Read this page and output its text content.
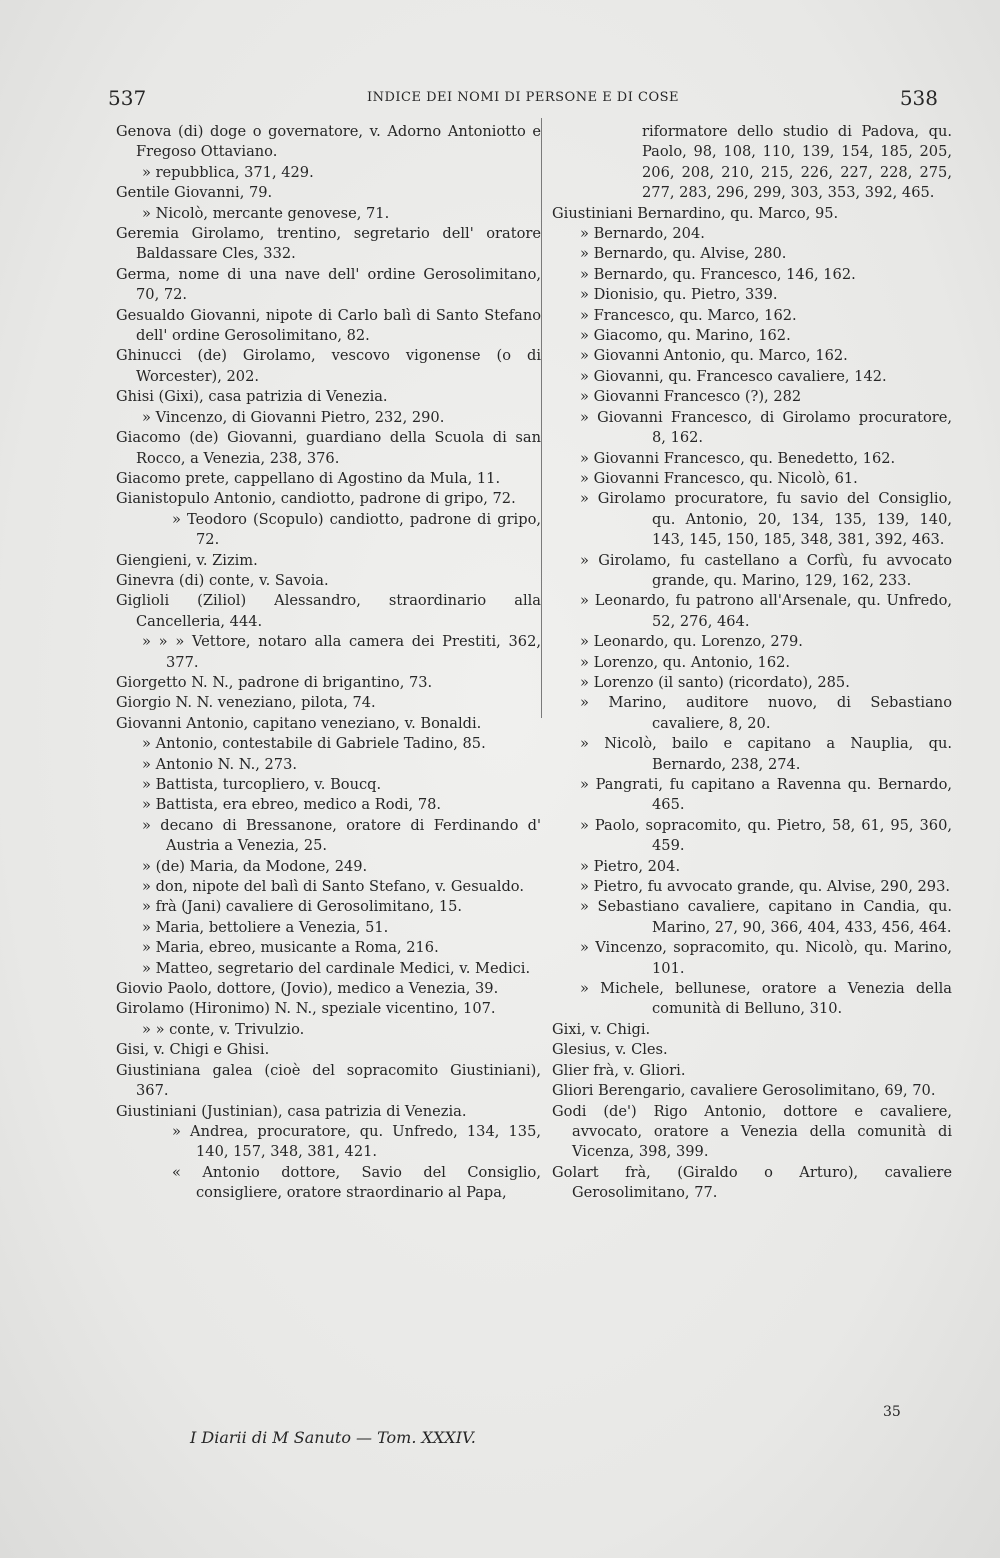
537	INDICE DEI NOMI DI PERSONE E DI COSE	538
Genova (di) doge o governatore, v. Adorno Antoniotto e Fregoso Ottaviano.
» repubblica, 371, 429.
Gentile Giovanni, 79.
» Nicolò, mercante genovese, 71.
Geremia Girolamo, trentino, segretario dell' oratore Baldassare Cles, 332.
Germa, nome di una nave dell' ordine Gerosolimitano, 70, 72.
Gesualdo Giovanni, nipote di Carlo balì di Santo Stefano dell' ordine Gerosolimitano, 82.
Ghinucci (de) Girolamo, vescovo vigonense (o di Worcester), 202.
Ghisi (Gixi), casa patrizia di Venezia.
» Vincenzo, di Giovanni Pietro, 232, 290.
Giacomo (de) Giovanni, guardiano della Scuola di san Rocco, a Venezia, 238, 376.
Giacomo prete, cappellano di Agostino da Mula, 11.
Gianistopulo Antonio, candiotto, padrone di gripo, 72.
» Teodoro (Scopulo) candiotto, padrone di gripo, 72.
Giengieni, v. Zizim.
Ginevra (di) conte, v. Savoia.
Giglioli (Ziliol) Alessandro, straordinario alla Cancelleria, 444.
» » » Vettore, notaro alla camera dei Prestiti, 362, 377.
Giorgetto N. N., padrone di brigantino, 73.
Giorgio N. N. veneziano, pilota, 74.
Giovanni Antonio, capitano veneziano, v. Bonaldi.
» Antonio, contestabile di Gabriele Tadino, 85.
» Antonio N. N., 273.
» Battista, turcopliero, v. Boucq.
» Battista, era ebreo, medico a Rodi, 78.
» decano di Bressanone, oratore di Ferdinando d' Austria a Venezia, 25.
» (de) Maria, da Modone, 249.
» don, nipote del balì di Santo Stefano, v. Gesualdo.
» frà (Jani) cavaliere di Gerosolimitano, 15.
» Maria, bettoliere a Venezia, 51.
» Maria, ebreo, musicante a Roma, 216.
» Matteo, segretario del cardinale Medici, v. Medici.
Giovio Paolo, dottore, (Jovio), medico a Venezia, 39.
Girolamo (Hironimo) N. N., speziale vicentino, 107.
» » conte, v. Trivulzio.
Gisi, v. Chigi e Ghisi.
Giustiniana galea (cioè del sopracomito Giustiniani), 367.
Giustiniani (Justinian), casa patrizia di Venezia.
» Andrea, procuratore, qu. Unfredo, 134, 135, 140, 157, 348, 381, 421.
« Antonio dottore, Savio del Consiglio, consigliere, oratore straordinario al Papa,
riformatore dello studio di Padova, qu. Paolo, 98, 108, 110, 139, 154, 185, 205, 206, 208, 210, 215, 226, 227, 228, 275, 277, 283, 296, 299, 303, 353, 392, 465.
Giustiniani Bernardino, qu. Marco, 95.
» Bernardo, 204.
» Bernardo, qu. Alvise, 280.
» Bernardo, qu. Francesco, 146, 162.
» Dionisio, qu. Pietro, 339.
» Francesco, qu. Marco, 162.
» Giacomo, qu. Marino, 162.
» Giovanni Antonio, qu. Marco, 162.
» Giovanni, qu. Francesco cavaliere, 142.
» Giovanni Francesco (?), 282
» Giovanni Francesco, di Girolamo procuratore, 8, 162.
» Giovanni Francesco, qu. Benedetto, 162.
» Giovanni Francesco, qu. Nicolò, 61.
» Girolamo procuratore, fu savio del Consiglio, qu. Antonio, 20, 134, 135, 139, 140, 143, 145, 150, 185, 348, 381, 392, 463.
» Girolamo, fu castellano a Corfù, fu avvocato grande, qu. Marino, 129, 162, 233.
» Leonardo, fu patrono all'Arsenale, qu. Unfredo, 52, 276, 464.
» Leonardo, qu. Lorenzo, 279.
» Lorenzo, qu. Antonio, 162.
» Lorenzo (il santo) (ricordato), 285.
» Marino, auditore nuovo, di Sebastiano cavaliere, 8, 20.
» Nicolò, bailo e capitano a Nauplia, qu. Bernardo, 238, 274.
» Pangrati, fu capitano a Ravenna qu. Bernardo, 465.
» Paolo, sopracomito, qu. Pietro, 58, 61, 95, 360, 459.
» Pietro, 204.
» Pietro, fu avvocato grande, qu. Alvise, 290, 293.
» Sebastiano cavaliere, capitano in Candia, qu. Marino, 27, 90, 366, 404, 433, 456, 464.
» Vincenzo, sopracomito, qu. Nicolò, qu. Marino, 101.
» Michele, bellunese, oratore a Venezia della comunità di Belluno, 310.
Gixi, v. Chigi.
Glesius, v. Cles.
Glier frà, v. Gliori.
Gliori Berengario, cavaliere Gerosolimitano, 69, 70.
Godi (de') Rigo Antonio, dottore e cavaliere, avvocato, oratore a Venezia della comunità di Vicenza, 398, 399.
Golart frà, (Giraldo o Arturo), cavaliere Gerosolimitano, 77.
35
I Diarii di M Sanuto — Tom. XXXIV.
